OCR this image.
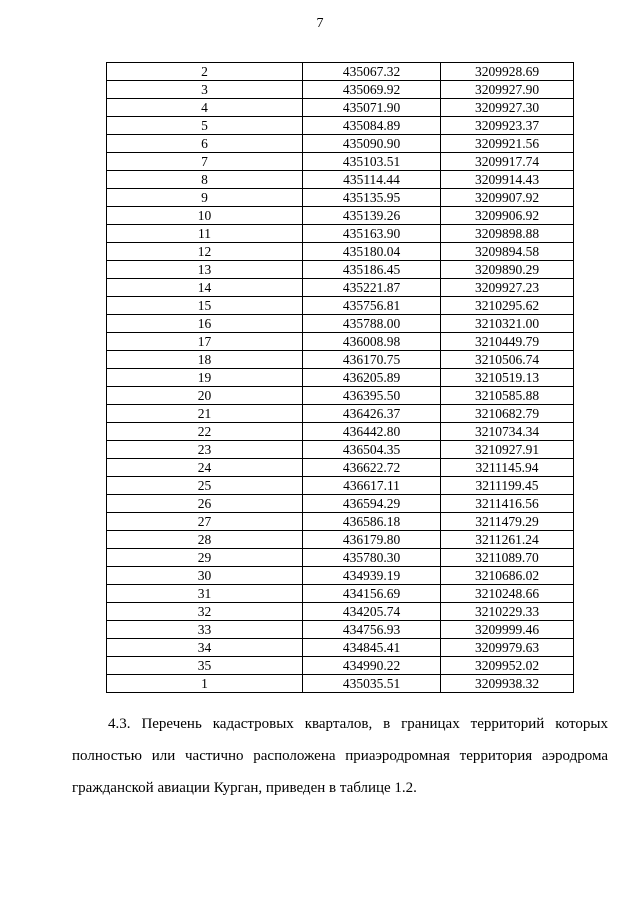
7
2	435067.32	3209928.69
3	435069.92	3209927.90
4	435071.90	3209927.30
5	435084.89	3209923.37
6	435090.90	3209921.56
7	435103.51	3209917.74
8	435114.44	3209914.43
9	435135.95	3209907.92
10	435139.26	3209906.92
11	435163.90	3209898.88
12	435180.04	3209894.58
13	435186.45	3209890.29
14	435221.87	3209927.23
15	435756.81	3210295.62
16	435788.00	3210321.00
17	436008.98	3210449.79
18	436170.75	3210506.74
19	436205.89	3210519.13
20	436395.50	3210585.88
21	436426.37	3210682.79
22	436442.80	3210734.34
23	436504.35	3210927.91
24	436622.72	3211145.94
25	436617.11	3211199.45
26	436594.29	3211416.56
27	436586.18	3211479.29
28	436179.80	3211261.24
29	435780.30	3211089.70
30	434939.19	3210686.02
31	434156.69	3210248.66
32	434205.74	3210229.33
33	434756.93	3209999.46
34	434845.41	3209979.63
35	434990.22	3209952.02
1	435035.51	3209938.32

4.3. Перечень кадастровых кварталов, в границах территорий которых полностью или частично расположена приаэродромная территория аэродрома гражданской авиации Курган, приведен в таблице 1.2.
